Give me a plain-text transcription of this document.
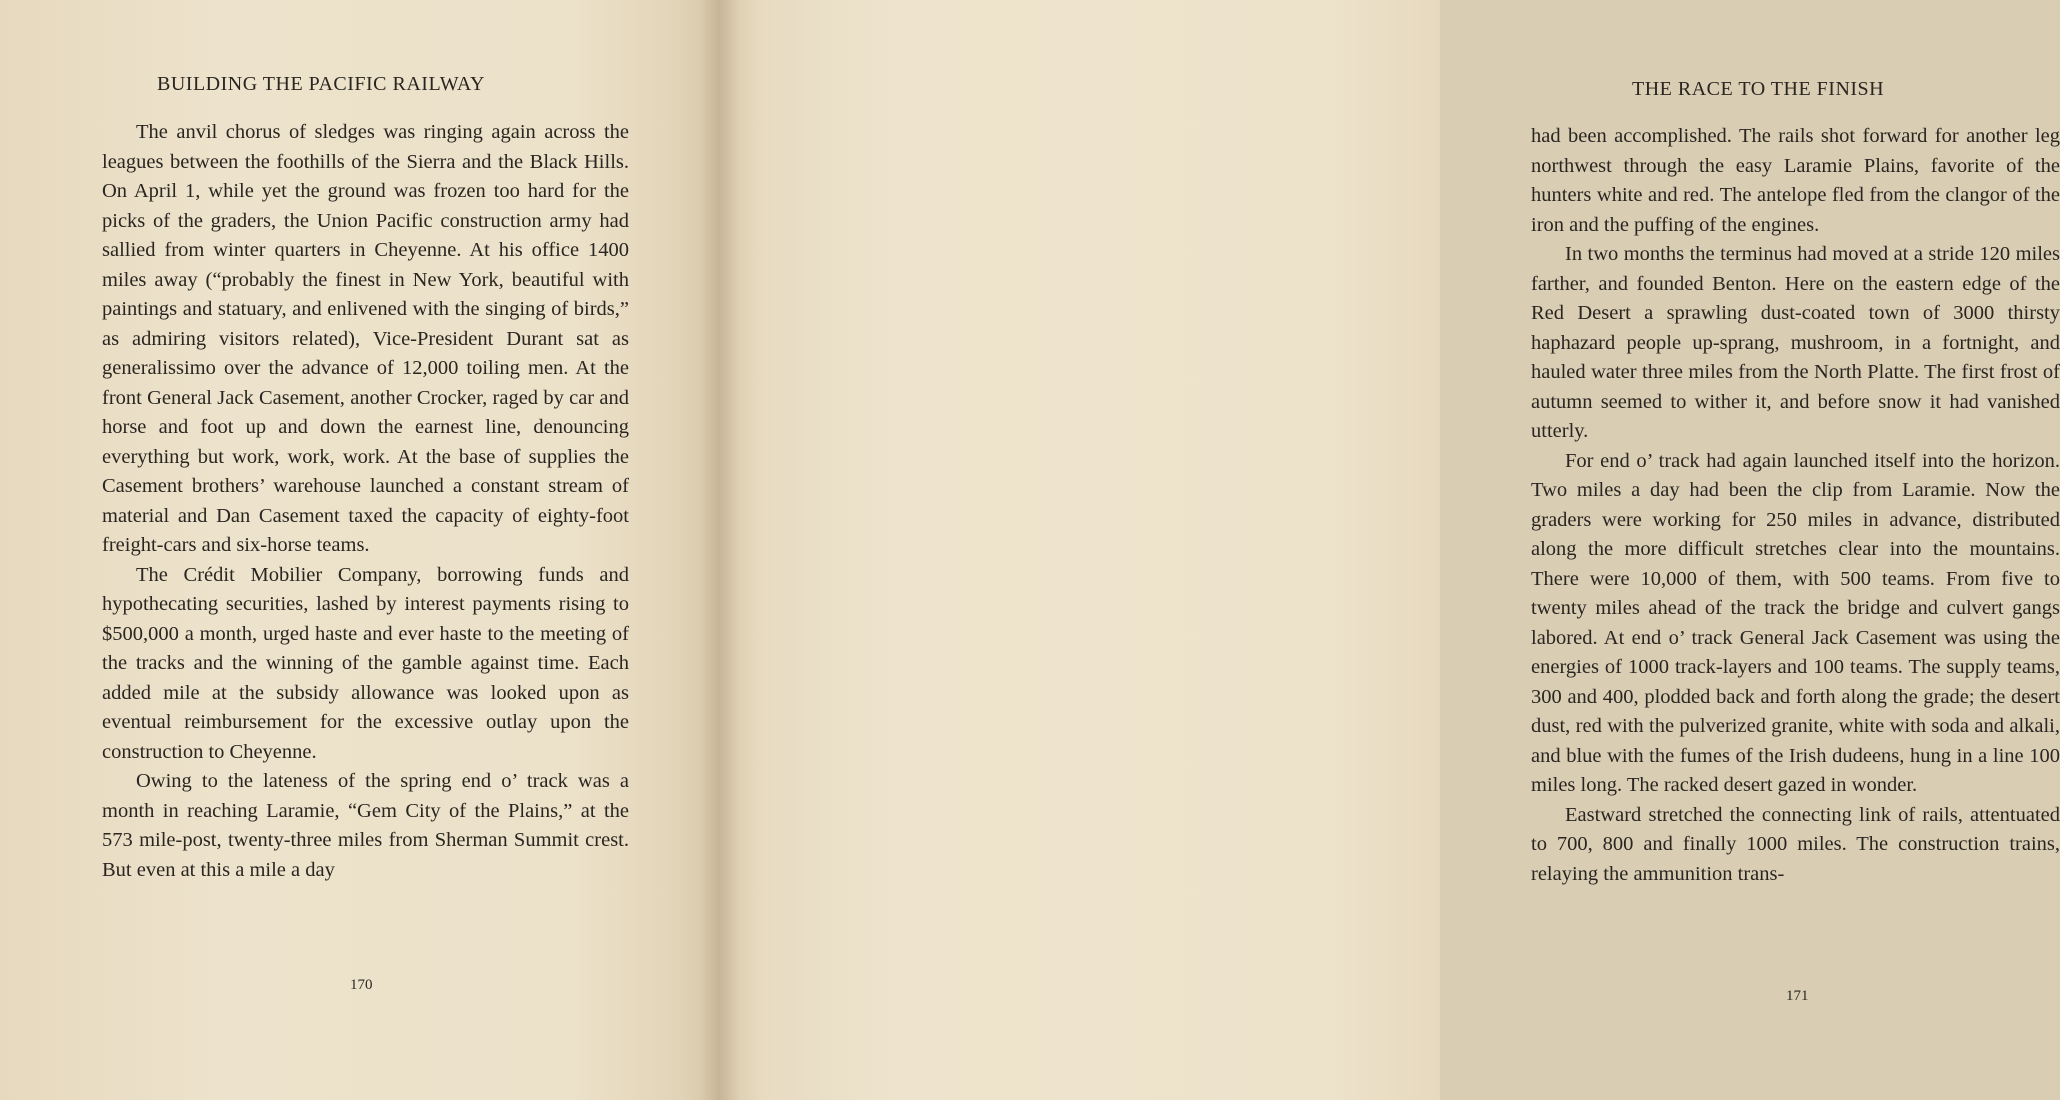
BUILDING THE PACIFIC RAILWAY

The anvil chorus of sledges was ringing again across the leagues between the foothills of the Sierra and the Black Hills. On April 1, while yet the ground was frozen too hard for the picks of the graders, the Union Pacific construction army had sallied from winter quarters in Cheyenne. At his office 1400 miles away (“probably the finest in New York, beautiful with paintings and statuary, and enlivened with the singing of birds,” as admiring visitors related), Vice-President Durant sat as generalissimo over the advance of 12,000 toiling men. At the front General Jack Casement, another Crocker, raged by car and horse and foot up and down the earnest line, denouncing everything but work, work, work. At the base of supplies the Casement brothers’ warehouse launched a constant stream of material and Dan Casement taxed the capacity of eighty-foot freight-cars and six-horse teams.

The Crédit Mobilier Company, borrowing funds and hypothecating securities, lashed by interest payments rising to $500,000 a month, urged haste and ever haste to the meeting of the tracks and the winning of the gamble against time. Each added mile at the subsidy allowance was looked upon as eventual reimbursement for the excessive outlay upon the construction to Cheyenne.

Owing to the lateness of the spring end o’ track was a month in reaching Laramie, “Gem City of the Plains,” at the 573 mile-post, twenty-three miles from Sherman Summit crest. But even at this a mile a day

170
THE RACE TO THE FINISH

had been accomplished. The rails shot forward for another leg northwest through the easy Laramie Plains, favorite of the hunters white and red. The antelope fled from the clangor of the iron and the puffing of the engines.

In two months the terminus had moved at a stride 120 miles farther, and founded Benton. Here on the eastern edge of the Red Desert a sprawling dust-coated town of 3000 thirsty haphazard people up-sprang, mushroom, in a fortnight, and hauled water three miles from the North Platte. The first frost of autumn seemed to wither it, and before snow it had vanished utterly.

For end o’ track had again launched itself into the horizon. Two miles a day had been the clip from Laramie. Now the graders were working for 250 miles in advance, distributed along the more difficult stretches clear into the mountains. There were 10,000 of them, with 500 teams. From five to twenty miles ahead of the track the bridge and culvert gangs labored. At end o’ track General Jack Casement was using the energies of 1000 track-layers and 100 teams. The supply teams, 300 and 400, plodded back and forth along the grade; the desert dust, red with the pulverized granite, white with soda and alkali, and blue with the fumes of the Irish dudeens, hung in a line 100 miles long. The racked desert gazed in wonder.

Eastward stretched the connecting link of rails, attentuated to 700, 800 and finally 1000 miles. The construction trains, relaying the ammunition trans-

171
